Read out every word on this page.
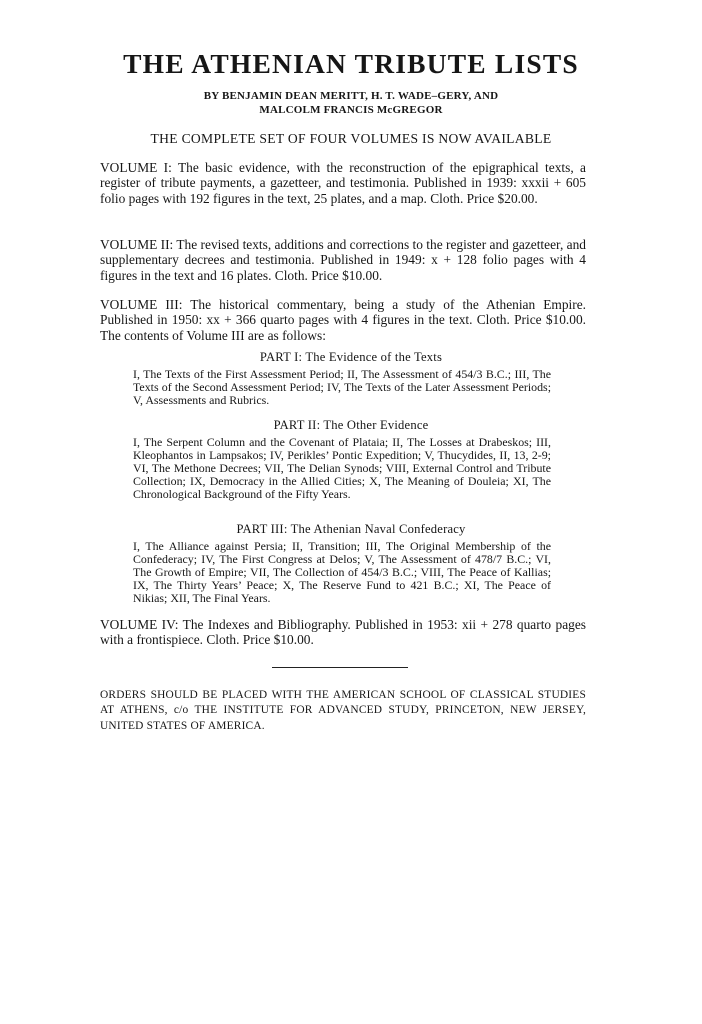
THE ATHENIAN TRIBUTE LISTS
BY BENJAMIN DEAN MERITT, H. T. WADE–GERY, AND
MALCOLM FRANCIS McGREGOR
THE COMPLETE SET OF FOUR VOLUMES IS NOW AVAILABLE

VOLUME I: The basic evidence, with the reconstruction of the epigraphical texts, a register of tribute payments, a gazetteer, and testimonia. Published in 1939: xxxii + 605 folio pages with 192 figures in the text, 25 plates, and a map. Cloth. Price $20.00.

VOLUME II: The revised texts, additions and corrections to the register and gazetteer, and supplementary decrees and testimonia. Published in 1949: x + 128 folio pages with 4 figures in the text and 16 plates. Cloth. Price $10.00.

VOLUME III: The historical commentary, being a study of the Athenian Empire. Published in 1950: xx + 366 quarto pages with 4 figures in the text. Cloth. Price $10.00. The contents of Volume III are as follows:

PART I: The Evidence of the Texts

I, The Texts of the First Assessment Period; II, The Assessment of 454/3 B.C.; III, The Texts of the Second Assessment Period; IV, The Texts of the Later Assessment Periods; V, Assessments and Rubrics.

PART II: The Other Evidence

I, The Serpent Column and the Covenant of Plataia; II, The Losses at Drabeskos; III, Kleophantos in Lampsakos; IV, Perikles’ Pontic Expedition; V, Thucydides, II, 13, 2-9; VI, The Methone Decrees; VII, The Delian Synods; VIII, External Control and Tribute Collection; IX, Democracy in the Allied Cities; X, The Meaning of Douleia; XI, The Chronological Background of the Fifty Years.

PART III: The Athenian Naval Confederacy

I, The Alliance against Persia; II, Transition; III, The Original Membership of the Confederacy; IV, The First Congress at Delos; V, The Assessment of 478/7 B.C.; VI, The Growth of Empire; VII, The Collection of 454/3 B.C.; VIII, The Peace of Kallias; IX, The Thirty Years’ Peace; X, The Reserve Fund to 421 B.C.; XI, The Peace of Nikias; XII, The Final Years.

VOLUME IV: The Indexes and Bibliography. Published in 1953: xii + 278 quarto pages with a frontispiece. Cloth. Price $10.00.

ORDERS SHOULD BE PLACED WITH THE AMERICAN SCHOOL OF CLASSICAL STUDIES AT ATHENS, c/o THE INSTITUTE FOR ADVANCED STUDY, PRINCETON, NEW JERSEY, UNITED STATES OF AMERICA.
